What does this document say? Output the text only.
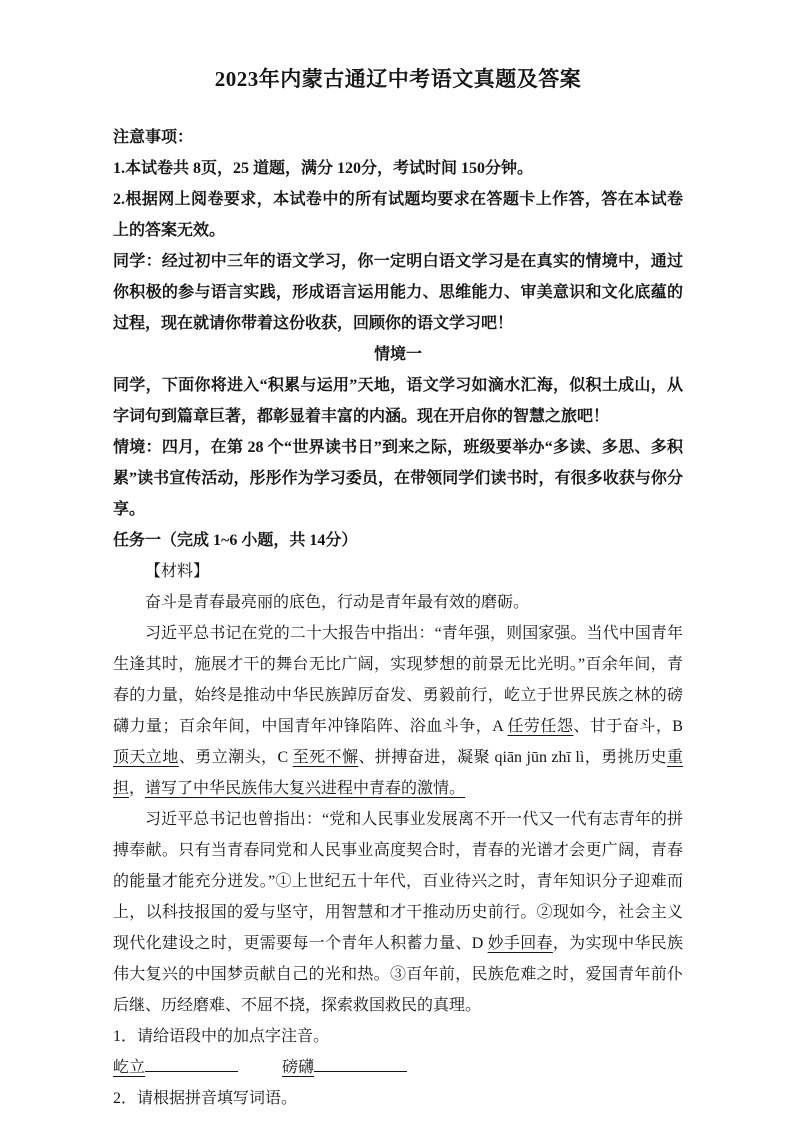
2023年内蒙古通辽中考语文真题及答案

注意事项：

1.本试卷共 8页，25 道题，满分 120分，考试时间 150分钟。

2.根据网上阅卷要求，本试卷中的所有试题均要求在答题卡上作答，答在本试卷上的答案无效。

同学：经过初中三年的语文学习，你一定明白语文学习是在真实的情境中，通过你积极的参与语言实践，形成语言运用能力、思维能力、审美意识和文化底蕴的过程，现在就请你带着这份收获，回顾你的语文学习吧！

情境一

同学，下面你将进入“积累与运用”天地，语文学习如滴水汇海，似积土成山，从字词句到篇章巨著，都彰显着丰富的内涵。现在开启你的智慧之旅吧！

情境：四月，在第 28 个“世界读书日”到来之际，班级要举办“多读、多思、多积累”读书宣传活动，彤彤作为学习委员，在带领同学们读书时，有很多收获与你分享。

任务一（完成 1~6 小题，共 14分）

【材料】

奋斗是青春最亮丽的底色，行动是青年最有效的磨砺。

习近平总书记在党的二十大报告中指出：“青年强，则国家强。当代中国青年生逢其时，施展才干的舞台无比广阔，实现梦想的前景无比光明。”百余年间，青春的力量，始终是推动中华民族踔厉奋发、勇毅前行，屹立于世界民族之林的磅礴力量；百余年间，中国青年冲锋陷阵、浴血斗争，A 任劳任怨、甘于奋斗，B 顶天立地、勇立潮头，C 至死不懈、拼搏奋进，凝聚 qiān jūn zhī lì，勇挑历史重担，谱写了中华民族伟大复兴进程中青春的激情。

习近平总书记也曾指出：“党和人民事业发展离不开一代又一代有志青年的拼搏奉献。只有当青春同党和人民事业高度契合时，青春的光谱才会更广阔，青春的能量才能充分迸发。”①上世纪五十年代，百业待兴之时，青年知识分子迎难而上，以科技报国的爱与坚守，用智慧和才干推动历史前行。②现如今，社会主义现代化建设之时，更需要每一个青年人积蓄力量、D 妙手回春，为实现中华民族伟大复兴的中国梦贡献自己的光和热。③百年前，民族危难之时，爱国青年前仆后继、历经磨难、不屈不挠，探索救国救民的真理。

1．请给语段中的加点字注音。

屹立	磅礴

2．请根据拼音填写词语。
